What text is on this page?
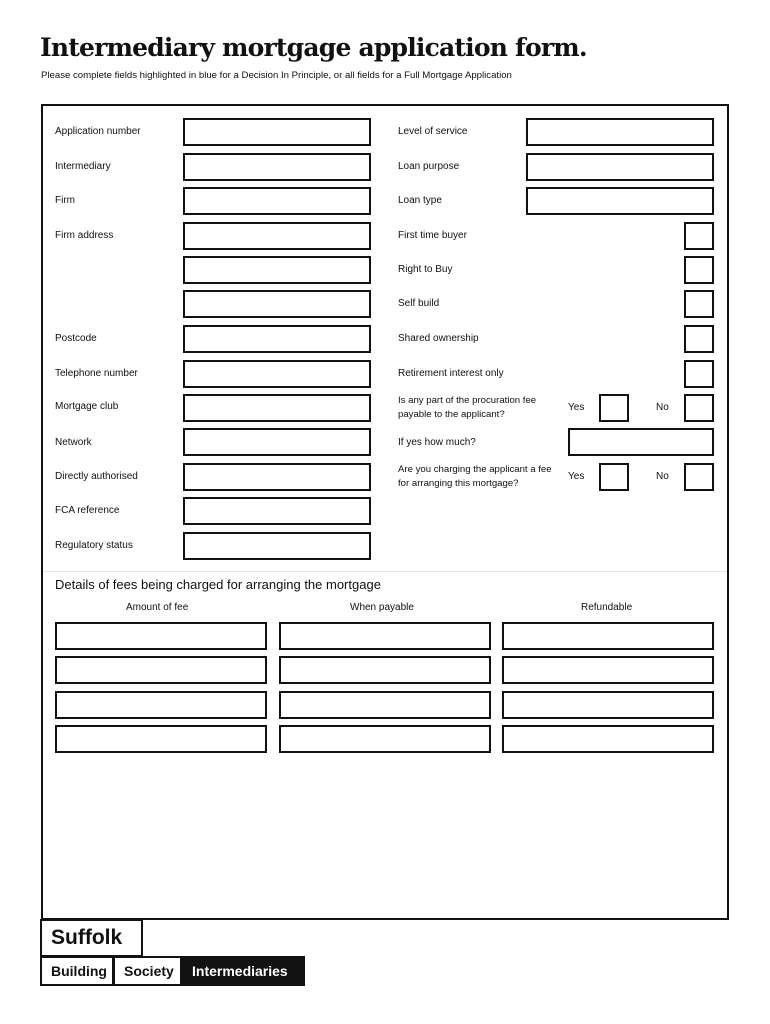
Intermediary mortgage application form.
Please complete fields highlighted in blue for a Decision In Principle, or all fields for a Full Mortgage Application
Application number
Intermediary
Firm
Firm address
Postcode
Telephone number
Mortgage club
Network
Directly authorised
FCA reference
Regulatory status
Level of service
Loan purpose
Loan type
First time buyer
Right to Buy
Self build
Shared ownership
Retirement interest only
Is any part of the procuration fee payable to the applicant?
Yes	No
If yes how much?
Are you charging the applicant a fee for arranging this mortgage?
Yes	No
Details of fees being charged for arranging the mortgage
Amount of fee	When payable	Refundable
Suffolk
Building	Society	Intermediaries
